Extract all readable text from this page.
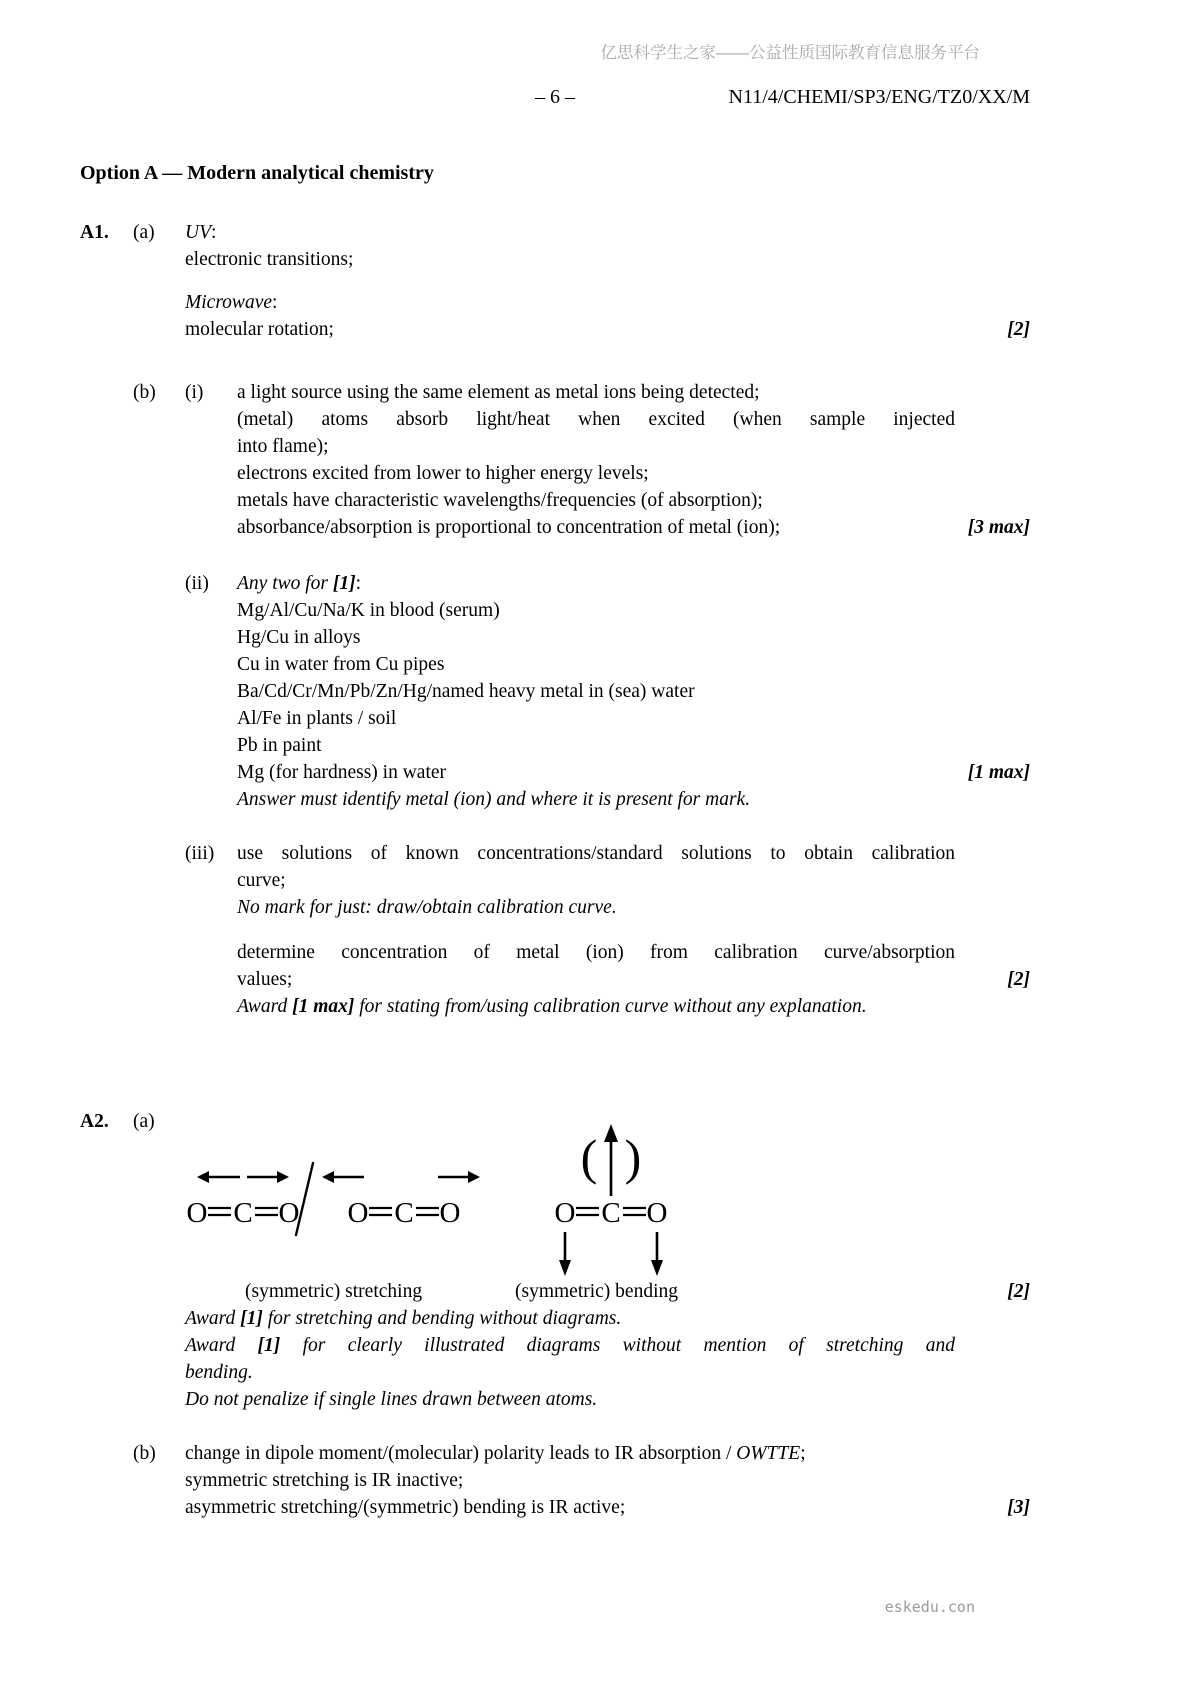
亿思科学生之家——公益性质国际教育信息服务平台
– 6 –	N11/4/CHEMI/SP3/ENG/TZ0/XX/M
Option A — Modern analytical chemistry
A1.	(a)	UV:
electronic transitions;
Microwave:
molecular rotation;	[2]
(b)	(i)	a light source using the same element as metal ions being detected;
(metal) atoms absorb light/heat when excited (when sample injected
into flame);
electrons excited from lower to higher energy levels;
metals have characteristic wavelengths/frequencies (of absorption);
absorbance/absorption is proportional to concentration of metal (ion);	[3 max]
(ii)	Any two for [1]:
Mg/Al/Cu/Na/K in blood (serum)
Hg/Cu in alloys
Cu in water from Cu pipes
Ba/Cd/Cr/Mn/Pb/Zn/Hg/named heavy metal in (sea) water
Al/Fe in plants / soil
Pb in paint
Mg (for hardness) in water	[1 max]
Answer must identify metal (ion) and where it is present for mark.
(iii)	use solutions of known concentrations/standard solutions to obtain calibration
curve;
No mark for just: draw/obtain calibration curve.
determine concentration of metal (ion) from calibration curve/absorption
values;	[2]
Award [1 max] for stating from/using calibration curve without any explanation.
A2.	(a)
O C O O C O
( )
O C O
(symmetric) stretching	(symmetric) bending	[2]
Award [1] for stretching and bending without diagrams.
Award [1] for clearly illustrated diagrams without mention of stretching and
bending.
Do not penalize if single lines drawn between atoms.
(b)	change in dipole moment/(molecular) polarity leads to IR absorption / OWTTE;
symmetric stretching is IR inactive;
asymmetric stretching/(symmetric) bending is IR active;	[3]
eskedu.con
